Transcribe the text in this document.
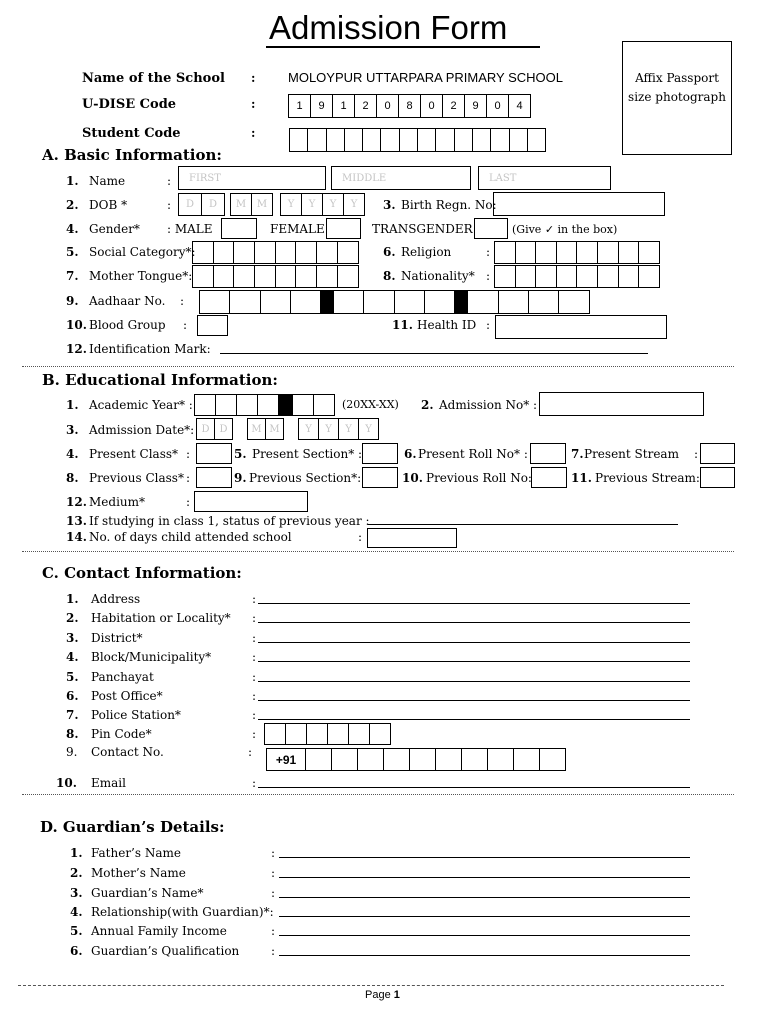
Admission Form
Affix Passport size photograph
Name of the School :	MOLOYPUR UTTARPARA PRIMARY SCHOOL
U-DISE Code	:	1	9	1	2	0	8	0	2	9	0	4
Student Code	:
A. Basic Information:
1. Name	:	FIRST	MIDDLE	LAST
2. DOB *	:	D	D	M	M	Y	Y	Y	Y	3. Birth Regn. No:
4. Gender* : MALE	FEMALE	TRANSGENDER	(Give ✓ in the box)
5. Social Category*:	6. Religion	:
7. Mother Tongue*:	8. Nationality* :
9. Aadhaar No. :
10. Blood Group :	11. Health ID :
12. Identification Mark:
B. Educational Information:
1. Academic Year* :	(20XX-XX) 2. Admission No* :
3. Admission Date*: D D	M M	Y	Y	Y	Y
4. Present Class* :	5. Present Section* :	6. Present Roll No* :	7. Present Stream :
8. Previous Class* :	9. Previous Section*:	10. Previous Roll No:	11. Previous Stream:
12. Medium*	:
13. If studying in class 1, status of previous year :
14. No. of days child attended school	:
C. Contact Information:
1. Address	:
2. Habitation or Locality* :
3. District*	:
4. Block/Municipality*	:
5. Panchayat	:
6. Post Office*	:
7. Police Station*	:
8. Pin Code*	:
9. Contact No.	:
+91
10. Email	:
D. Guardian’s Details:
1. Father’s Name	:
2. Mother’s Name	:
3. Guardian’s Name*	:
4. Relationship(with Guardian)*:
5. Annual Family Income	:
6. Guardian’s Qualification	:
Page 1
